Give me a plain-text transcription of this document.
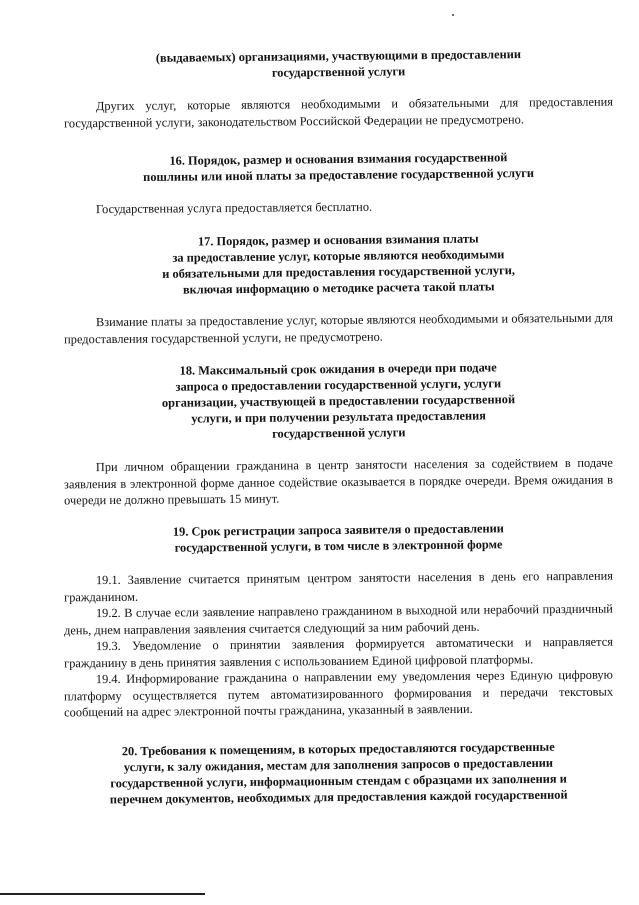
(выдаваемых) организациями, участвующими в предоставлении
государственной услуги

Других услуг, которые являются необходимыми и обязательными для предоставления государственной услуги, законодательством Российской Федерации не предусмотрено.

16. Порядок, размер и основания взимания государственной
пошлины или иной платы за предоставление государственной услуги

Государственная услуга предоставляется бесплатно.

17. Порядок, размер и основания взимания платы
за предоставление услуг, которые являются необходимыми
и обязательными для предоставления государственной услуги,
включая информацию о методике расчета такой платы

Взимание платы за предоставление услуг, которые являются необходимыми и обязательными для предоставления государственной услуги, не предусмотрено.

18. Максимальный срок ожидания в очереди при подаче
запроса о предоставлении государственной услуги, услуги
организации, участвующей в предоставлении государственной
услуги, и при получении результата предоставления
государственной услуги

При личном обращении гражданина в центр занятости населения за содействием в подаче заявления в электронной форме данное содействие оказывается в порядке очереди. Время ожидания в очереди не должно превышать 15 минут.

19. Срок регистрации запроса заявителя о предоставлении
государственной услуги, в том числе в электронной форме

19.1. Заявление считается принятым центром занятости населения в день его направления гражданином.

19.2. В случае если заявление направлено гражданином в выходной или нерабочий праздничный день, днем направления заявления считается следующий за ним рабочий день.

19.3. Уведомление о принятии заявления формируется автоматически и направляется гражданину в день принятия заявления с использованием Единой цифровой платформы.

19.4. Информирование гражданина о направлении ему уведомления через Единую цифровую платформу осуществляется путем автоматизированного формирования и передачи текстовых сообщений на адрес электронной почты гражданина, указанный в заявлении.

20. Требования к помещениям, в которых предоставляются государственные
услуги, к залу ожидания, местам для заполнения запросов о предоставлении
государственной услуги, информационным стендам с образцами их заполнения и
перечнем документов, необходимых для предоставления каждой государственной
